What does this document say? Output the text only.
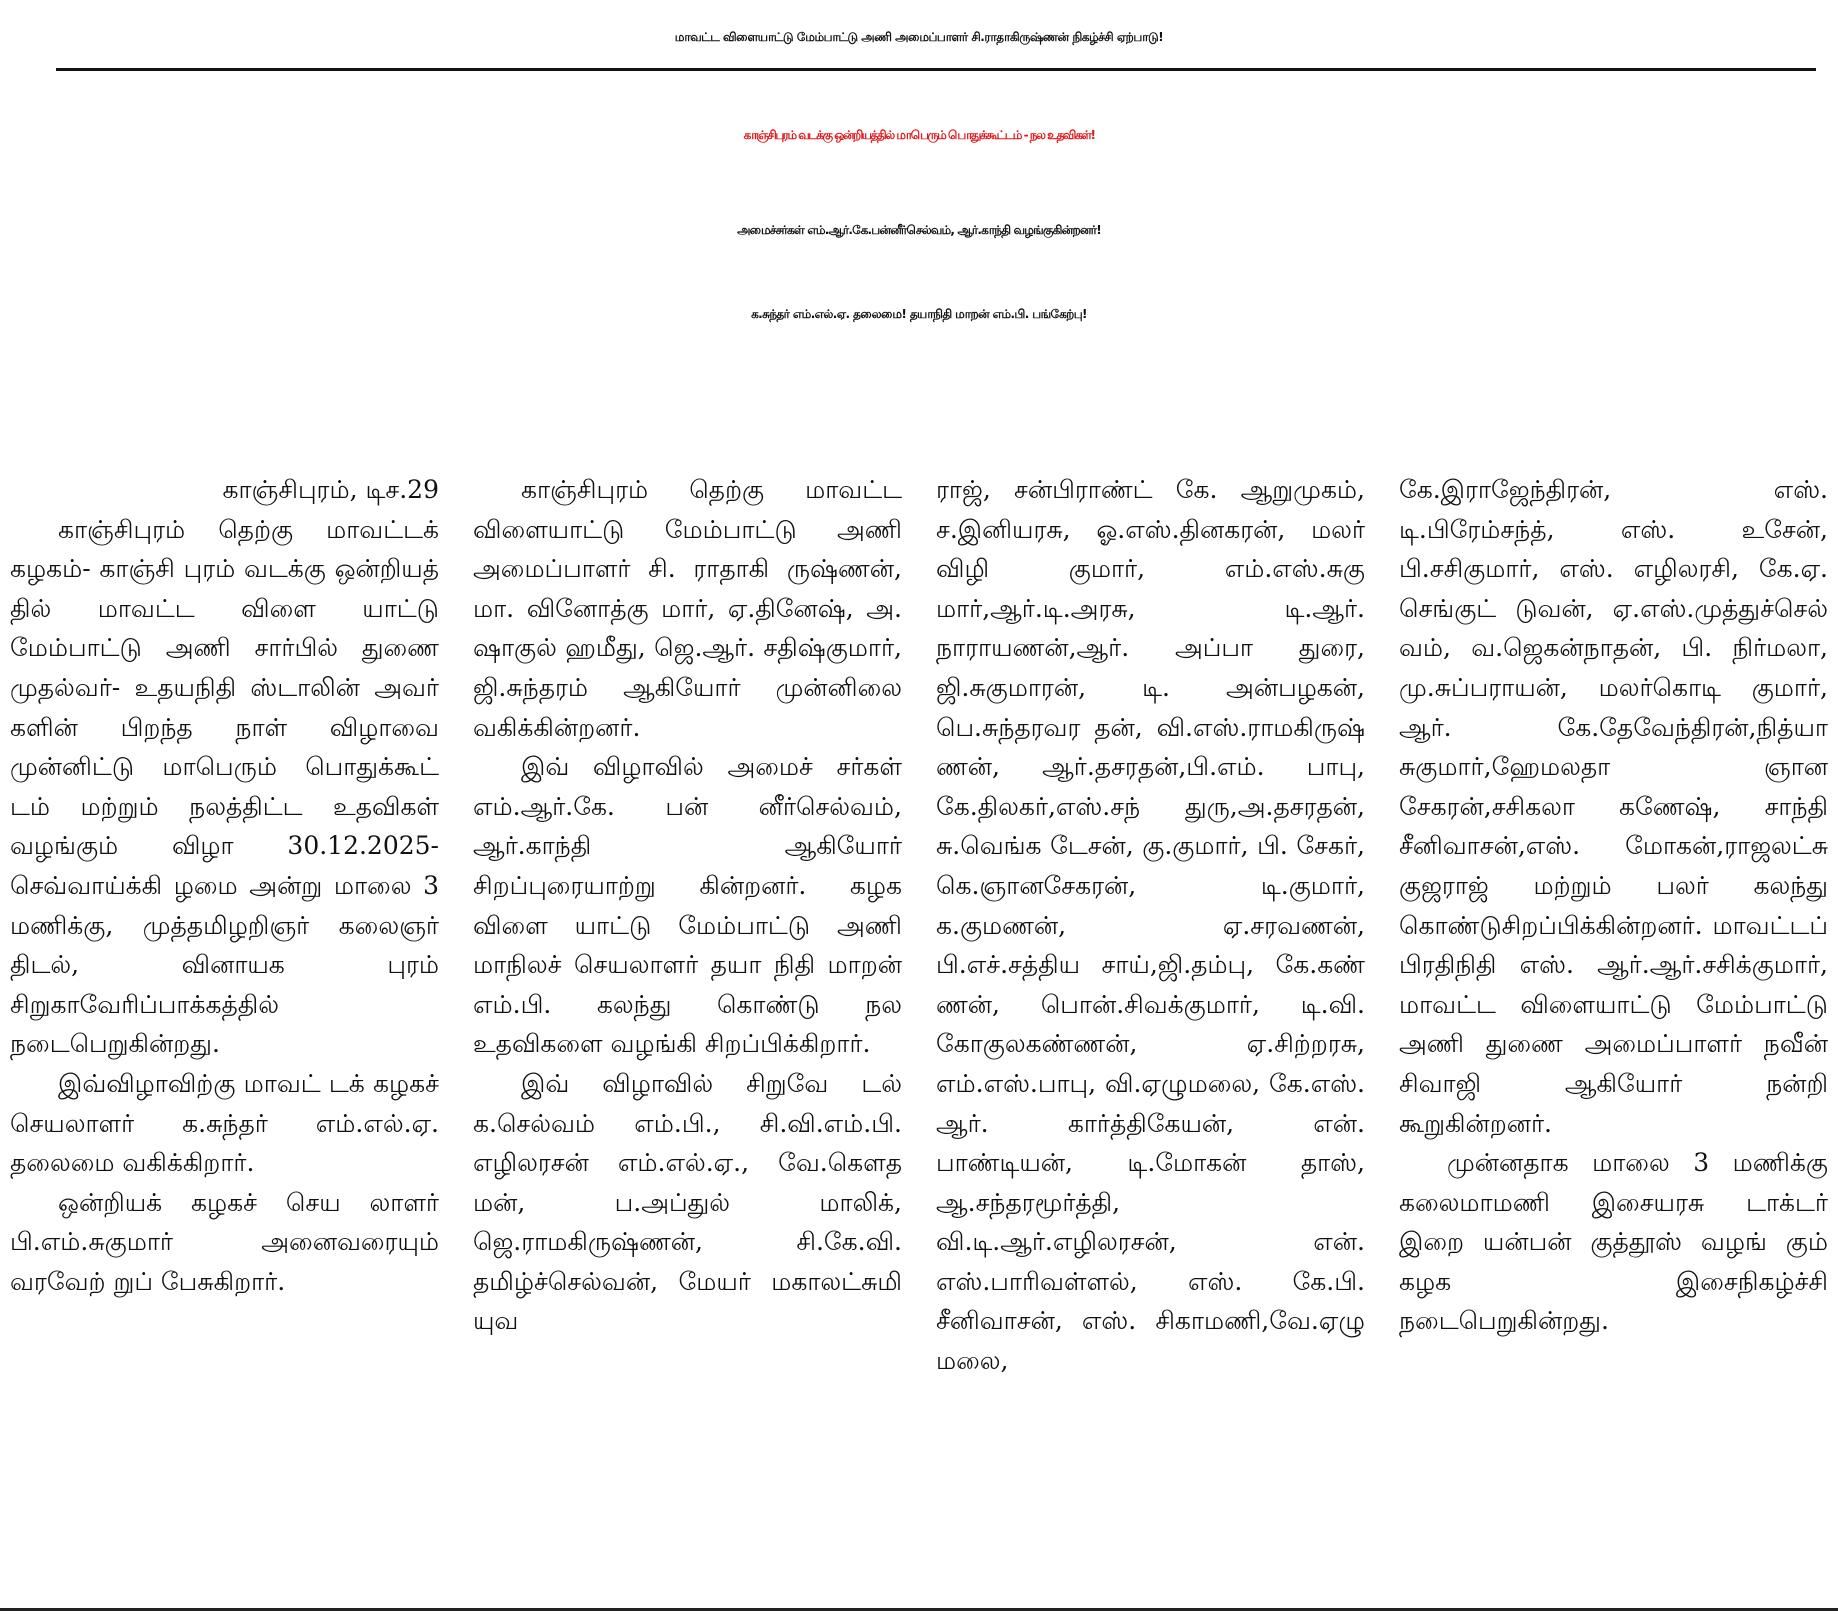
மாவட்ட விளையாட்டு மேம்பாட்டு அணி அமைப்பாளர் சி.ராதாகிருஷ்ணன் நிகழ்ச்சி ஏற்பாடு!
காஞ்சிபுரம் வடக்கு ஒன்றியத்தில் மாபெரும் பொதுக்கூட்டம் - நல உதவிகள்!
அமைச்சர்கள் எம்.ஆர்.கே.பன்னீர்செல்வம், ஆர்.காந்தி வழங்குகின்றனர்!
க.சுந்தர் எம்.எல்.ஏ. தலைமை! தயாநிதி மாறன் எம்.பி. பங்கேற்பு!

காஞ்சிபுரம், டிச.29

காஞ்சிபுரம் தெற்கு மாவட்டக் கழகம்- காஞ்சி புரம் வடக்கு ஒன்றியத் தில் மாவட்ட விளை யாட்டு மேம்பாட்டு அணி சார்பில் துணை முதல்வர்- உதயநிதி ஸ்டாலின் அவர் களின் பிறந்த நாள் விழாவை முன்னிட்டு மாபெரும் பொதுக்கூட் டம் மற்றும் நலத்திட்ட உதவிகள் வழங்கும் விழா 30.12.2025-செவ்வாய்க்கி ழமை அன்று மாலை 3 மணிக்கு, முத்தமிழறிஞர் கலைஞர் திடல், வினாயக புரம் சிறுகாவேரிப்பாக்கத்தில் நடைபெறுகின்றது.

இவ்விழாவிற்கு மாவட் டக் கழகச் செயலாளர் க.சுந்தர் எம்.எல்.ஏ. தலைமை வகிக்கிறார்.

ஒன்றியக் கழகச் செய லாளர் பி.எம்.சுகுமார் அனைவரையும் வரவேற் றுப் பேசுகிறார்.

காஞ்சிபுரம் தெற்கு மாவட்ட விளையாட்டு மேம்பாட்டு அணி அமைப்பாளர் சி. ராதாகி ருஷ்ணன், மா. வினோத்கு மார், ஏ.தினேஷ், அ. ஷாகுல் ஹமீது, ஜெ.ஆர். சதிஷ்குமார், ஜி.சுந்தரம் ஆகியோர் முன்னிலை வகிக்கின்றனர்.

இவ் விழாவில் அமைச் சர்கள் எம்.ஆர்.கே. பன் னீர்செல்வம், ஆர்.காந்தி ஆகியோர் சிறப்புரையாற்று கின்றனர். கழக விளை யாட்டு மேம்பாட்டு அணி மாநிலச் செயலாளர் தயா நிதி மாறன் எம்.பி. கலந்து கொண்டு நல உதவிகளை வழங்கி சிறப்பிக்கிறார்.

இவ் விழாவில் சிறுவே டல் க.செல்வம் எம்.பி., சி.வி.எம்.பி. எழிலரசன் எம்.எல்.ஏ., வே.கௌத மன், ப.அப்துல் மாலிக், ஜெ.ராமகிருஷ்ணன், சி.கே.வி. தமிழ்ச்செல்வன், மேயர் மகாலட்சுமி யுவ

ராஜ், சன்பிராண்ட் கே. ஆறுமுகம், ச.இனியரசு, ஓ.எஸ்.தினகரன், மலர் விழி குமார், எம்.எஸ்.சுகு மார்,ஆர்.டி.அரசு, டி.ஆர். நாராயணன்,ஆர். அப்பா துரை, ஜி.சுகுமாரன், டி. அன்பழகன், பெ.சுந்தரவர தன், வி.எஸ்.ராமகிருஷ் ணன், ஆர்.தசரதன்,பி.எம். பாபு, கே.திலகர்,எஸ்.சந் துரு,அ.தசரதன், சு.வெங்க டேசன், கு.குமார், பி. சேகர், கெ.ஞானசேகரன், டி.குமார், க.குமணன், ஏ.சரவணன், பி.எச்.சத்திய சாய்,ஜி.தம்பு, கே.கண் ணன், பொன்.சிவக்குமார், டி.வி. கோகுலகண்ணன், ஏ.சிற்றரசு, எம்.எஸ்.பாபு, வி.ஏழுமலை, கே.எஸ். ஆர். கார்த்திகேயன், என். பாண்டியன், டி.மோகன் தாஸ், ஆ.சந்தரமூர்த்தி, வி.டி.ஆர்.எழிலரசன், என். எஸ்.பாரிவள்ளல், எஸ். கே.பி. சீனிவாசன், எஸ். சிகாமணி,வே.ஏழு மலை,

கே.இராஜேந்திரன், எஸ். டி.பிரேம்சந்த், எஸ். உசேன், பி.சசிகுமார், எஸ். எழிலரசி, கே.ஏ. செங்குட் டுவன், ஏ.எஸ்.முத்துச்செல் வம், வ.ஜெகன்நாதன், பி. நிர்மலா, மு.சுப்பராயன், மலர்கொடி குமார், ஆர். கே.தேவேந்திரன்,நித்யா சுகுமார்,ஹேமலதா ஞான சேகரன்,சசிகலா கணேஷ், சாந்தி சீனிவாசன்,எஸ். மோகன்,ராஜலட்சு குஜராஜ் மற்றும் பலர் கலந்து கொண்டுசிறப்பிக்கின்றனர். மாவட்டப் பிரதிநிதி எஸ். ஆர்.ஆர்.சசிக்குமார், மாவட்ட விளையாட்டு மேம்பாட்டு அணி துணை அமைப்பாளர் நவீன் சிவாஜி ஆகியோர் நன்றி கூறுகின்றனர்.

முன்னதாக மாலை 3 மணிக்கு கலைமாமணி இசையரசு டாக்டர் இறை யன்பன் குத்தூஸ் வழங் கும் கழக இசைநிகழ்ச்சி நடைபெறுகின்றது.
